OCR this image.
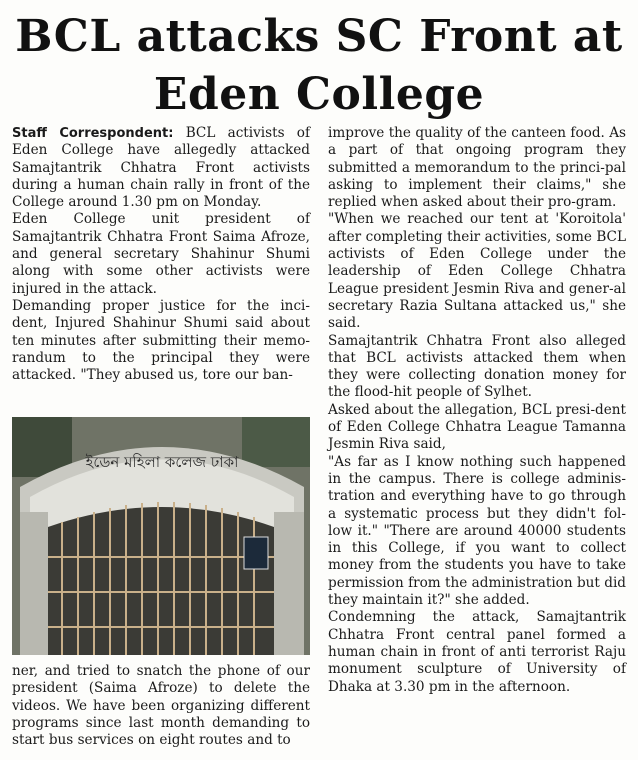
BCL attacks SC Front at Eden College

Staff Correspondent: BCL activists of Eden College have allegedly attacked Samajtantrik Chhatra Front activists during a human chain rally in front of the College around 1.30 pm on Monday.

Eden College unit president of Samajtantrik Chhatra Front Saima Afroze, and general secretary Shahinur Shumi along with some other activists were injured in the attack.

Demanding proper justice for the inci-dent, Injured Shahinur Shumi said about ten minutes after submitting their memo-randum to the principal they were attacked. "They abused us, tore our ban-

ইডেন মহিলা কলেজ ঢাকা

ner, and tried to snatch the phone of our president (Saima Afroze) to delete the videos. We have been organizing different programs since last month demanding to start bus services on eight routes and to

improve the quality of the canteen food. As a part of that ongoing program they submitted a memorandum to the princi-pal asking to implement their claims," she replied when asked about their pro-gram.

"When we reached our tent at 'Koroitola' after completing their activities, some BCL activists of Eden College under the leadership of Eden College Chhatra League president Jesmin Riva and gener-al secretary Razia Sultana attacked us," she said.

Samajtantrik Chhatra Front also alleged that BCL activists attacked them when they were collecting donation money for the flood-hit people of Sylhet.

Asked about the allegation, BCL presi-dent of Eden College Chhatra League Tamanna Jesmin Riva said,

"As far as I know nothing such happened in the campus. There is college adminis-tration and everything have to go through a systematic process but they didn't fol-low it." "There are around 40000 students in this College, if you want to collect money from the students you have to take permission from the administration but did they maintain it?" she added.

Condemning the attack, Samajtantrik Chhatra Front central panel formed a human chain in front of anti terrorist Raju monument sculpture of University of Dhaka at 3.30 pm in the afternoon.
